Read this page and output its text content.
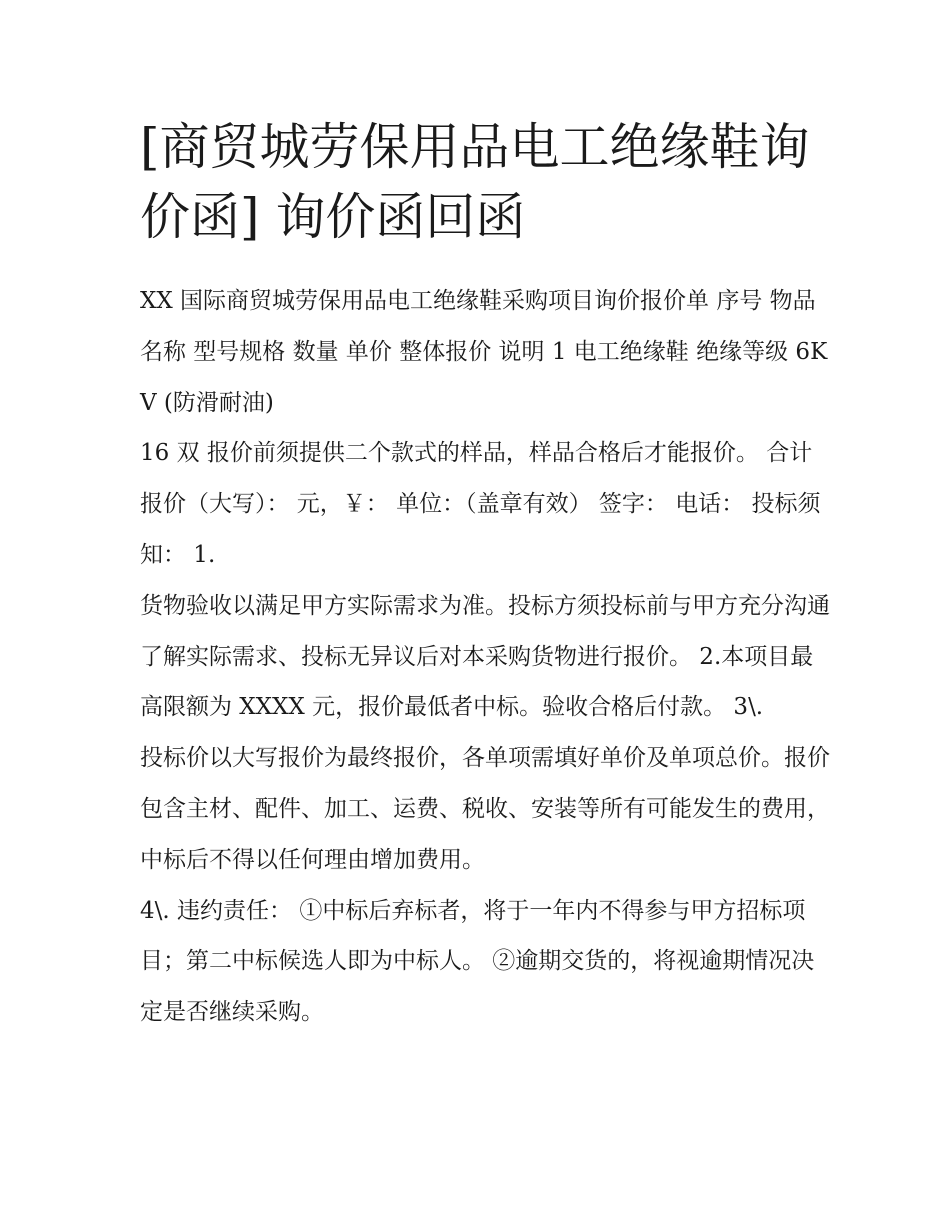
[商贸城劳保用品电工绝缘鞋询价函] 询价函回函

XX 国际商贸城劳保用品电工绝缘鞋采购项目询价报价单 序号 物品名称 型号规格 数量 单价 整体报价 说明 1 电工绝缘鞋 绝缘等级 6KV (防滑耐油)

16 双 报价前须提供二个款式的样品，样品合格后才能报价。 合计报价（大写）： 元，￥： 单位：（盖章有效） 签字： 电话： 投标须知： 1.

货物验收以满足甲方实际需求为准。投标方须投标前与甲方充分沟通了解实际需求、投标无异议后对本采购货物进行报价。 2.本项目最高限额为 XXXX 元，报价最低者中标。验收合格后付款。 3\.

投标价以大写报价为最终报价，各单项需填好单价及单项总价。报价包含主材、配件、加工、运费、税收、安装等所有可能发生的费用，中标后不得以任何理由增加费用。

4\. 违约责任： ①中标后弃标者，将于一年内不得参与甲方招标项目；第二中标候选人即为中标人。 ②逾期交货的，将视逾期情况决定是否继续采购。
